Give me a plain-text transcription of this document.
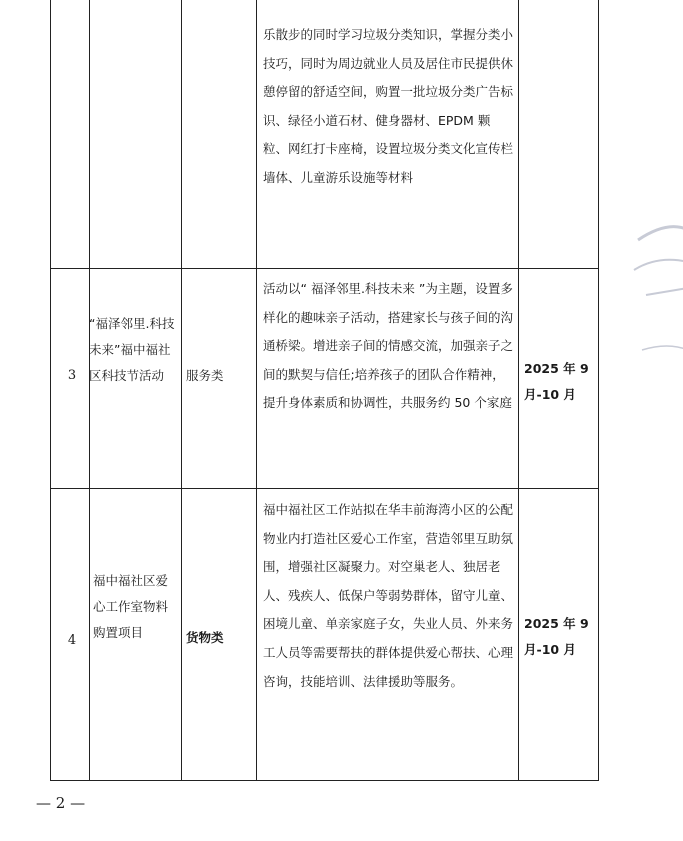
乐散步的同时学习垃圾分类知识，掌握分类小技巧，同时为周边就业人员及居住市民提供休憩停留的舒适空间，购置一批垃圾分类广告标识、绿径小道石材、健身器材、EPDM 颗粒、网红打卡座椅，设置垃圾分类文化宣传栏墙体、儿童游乐设施等材料
3
“福泽邻里.科技未来”福中福社区科技节活动	服务类
活动以“ 福泽邻里.科技未来 ”为主题，设置多样化的趣味亲子活动，搭建家长与孩子间的沟通桥梁。增进亲子间的情感交流，加强亲子之间的默契与信任;培养孩子的团队合作精神，提升身体素质和协调性，共服务约 50 个家庭
2025 年 9 月-10 月
4
福中福社区爱心工作室物料购置项目	货物类
福中福社区工作站拟在华丰前海湾小区的公配物业内打造社区爱心工作室，营造邻里互助氛围，增强社区凝聚力。对空巢老人、独居老人、残疾人、低保户等弱势群体，留守儿童、困境儿童、单亲家庭子女，失业人员、外来务工人员等需要帮扶的群体提供爱心帮扶、心理咨询，技能培训、法律援助等服务。
2025 年 9 月-10 月
— 2 —
